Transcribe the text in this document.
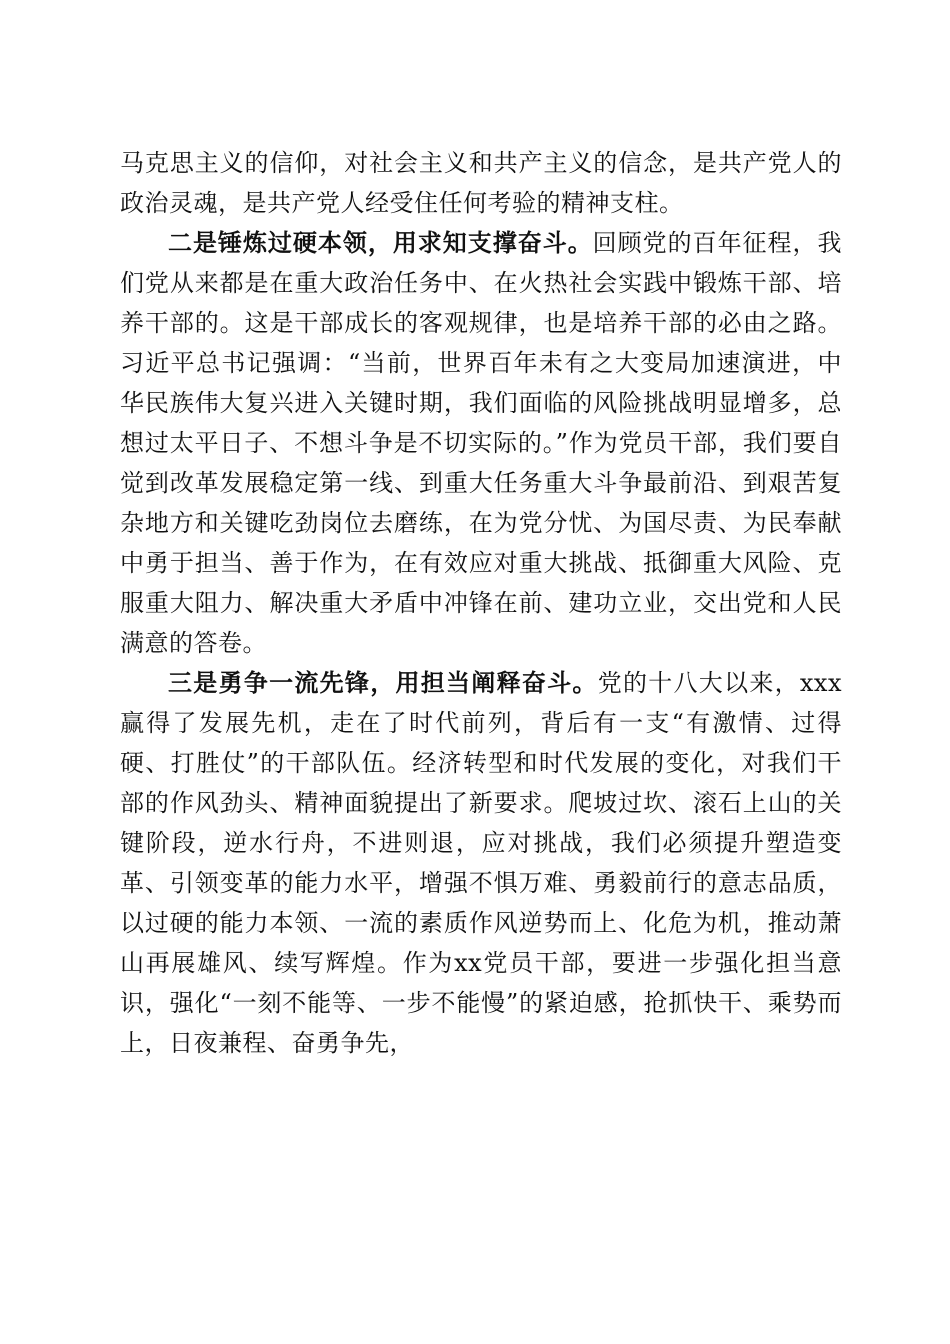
马克思主义的信仰，对社会主义和共产主义的信念，是共产党人的政治灵魂，是共产党人经受住任何考验的精神支柱。

二是锤炼过硬本领，用求知支撑奋斗。回顾党的百年征程，我们党从来都是在重大政治任务中、在火热社会实践中锻炼干部、培养干部的。这是干部成长的客观规律，也是培养干部的必由之路。习近平总书记强调：“当前，世界百年未有之大变局加速演进，中华民族伟大复兴进入关键时期，我们面临的风险挑战明显增多，总想过太平日子、不想斗争是不切实际的。”作为党员干部，我们要自觉到改革发展稳定第一线、到重大任务重大斗争最前沿、到艰苦复杂地方和关键吃劲岗位去磨练，在为党分忧、为国尽责、为民奉献中勇于担当、善于作为，在有效应对重大挑战、抵御重大风险、克服重大阻力、解决重大矛盾中冲锋在前、建功立业，交出党和人民满意的答卷。

三是勇争一流先锋，用担当阐释奋斗。党的十八大以来，xxx赢得了发展先机，走在了时代前列，背后有一支“有激情、过得硬、打胜仗”的干部队伍。经济转型和时代发展的变化，对我们干部的作风劲头、精神面貌提出了新要求。爬坡过坎、滚石上山的关键阶段，逆水行舟，不进则退，应对挑战，我们必须提升塑造变革、引领变革的能力水平，增强不惧万难、勇毅前行的意志品质，以过硬的能力本领、一流的素质作风逆势而上、化危为机，推动萧山再展雄风、续写辉煌。作为xx党员干部，要进一步强化担当意识，强化“一刻不能等、一步不能慢”的紧迫感，抢抓快干、乘势而上，日夜兼程、奋勇争先，
